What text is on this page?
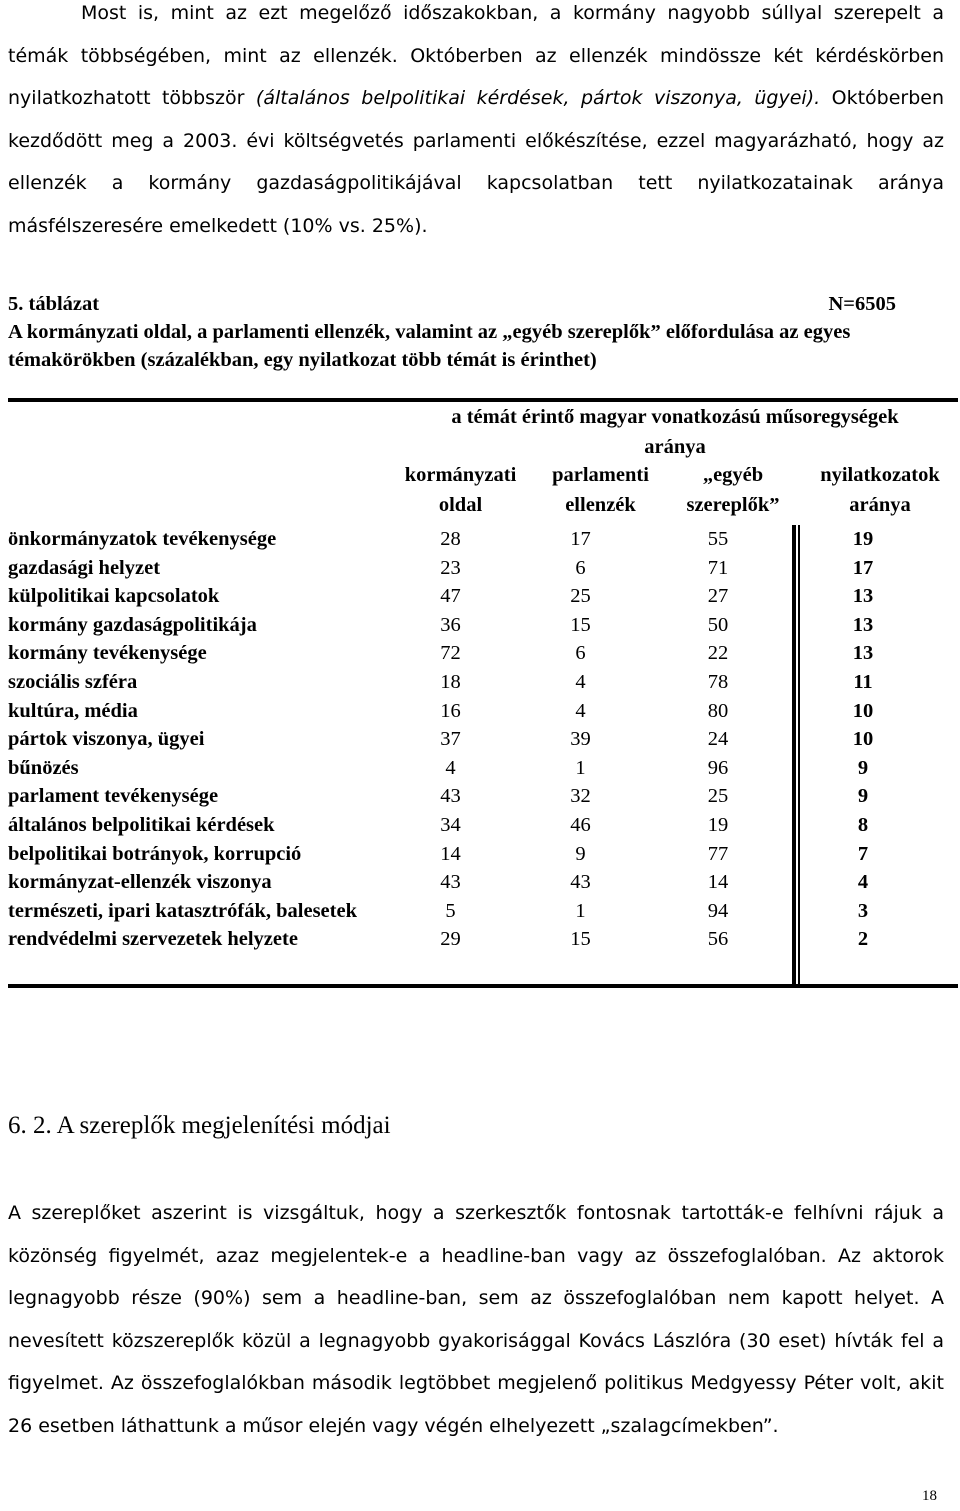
Most is, mint az ezt megelőző időszakokban, a kormány nagyobb súllyal szerepelt a témák többségében, mint az ellenzék. Októberben az ellenzék mindössze két kérdéskörben nyilatkozhatott többször (általános belpolitikai kérdések, pártok viszonya, ügyei). Októberben kezdődött meg a 2003. évi költségvetés parlamenti előkészítése, ezzel magyarázható, hogy az ellenzék a kormány gazdaságpolitikájával kapcsolatban tett nyilatkozatainak aránya másfélszeresére emelkedett (10% vs. 25%).

5. táblázat	N=6505
A kormányzati oldal, a parlamenti ellenzék, valamint az „egyéb szereplők” előfordulása az egyes témakörökben (százalékban, egy nyilatkozat több témát is érinthet)
a témát érintő magyar vonatkozású műsoregységek
aránya
kormányzati
oldal
parlamenti
ellenzék
„egyéb
szereplők”
nyilatkozatok
aránya
önkormányzatok tevékenysége	28	17	55	19
gazdasági helyzet	23	6	71	17
külpolitikai kapcsolatok	47	25	27	13
kormány gazdaságpolitikája	36	15	50	13
kormány tevékenysége	72	6	22	13
szociális szféra	18	4	78	11
kultúra, média	16	4	80	10
pártok viszonya, ügyei	37	39	24	10
bűnözés	4	1	96	9
parlament tevékenysége	43	32	25	9
általános belpolitikai kérdések	34	46	19	8
belpolitikai botrányok, korrupció	14	9	77	7
kormányzat-ellenzék viszonya	43	43	14	4
természeti, ipari katasztrófák, balesetek	5	1	94	3
rendvédelmi szervezetek helyzete	29	15	56	2
6. 2. A szereplők megjelenítési módjai

A szereplőket aszerint is vizsgáltuk, hogy a szerkesztők fontosnak tartották-e felhívni rájuk a közönség figyelmét, azaz megjelentek-e a headline-ban vagy az összefoglalóban. Az aktorok legnagyobb része (90%) sem a headline-ban, sem az összefoglalóban nem kapott helyet. A nevesített közszereplők közül a legnagyobb gyakorisággal Kovács Lászlóra (30 eset) hívták fel a figyelmet. Az összefoglalókban második legtöbbet megjelenő politikus Medgyessy Péter volt, akit 26 esetben láthattunk a műsor elején vagy végén elhelyezett „szalagcímekben”.

18
